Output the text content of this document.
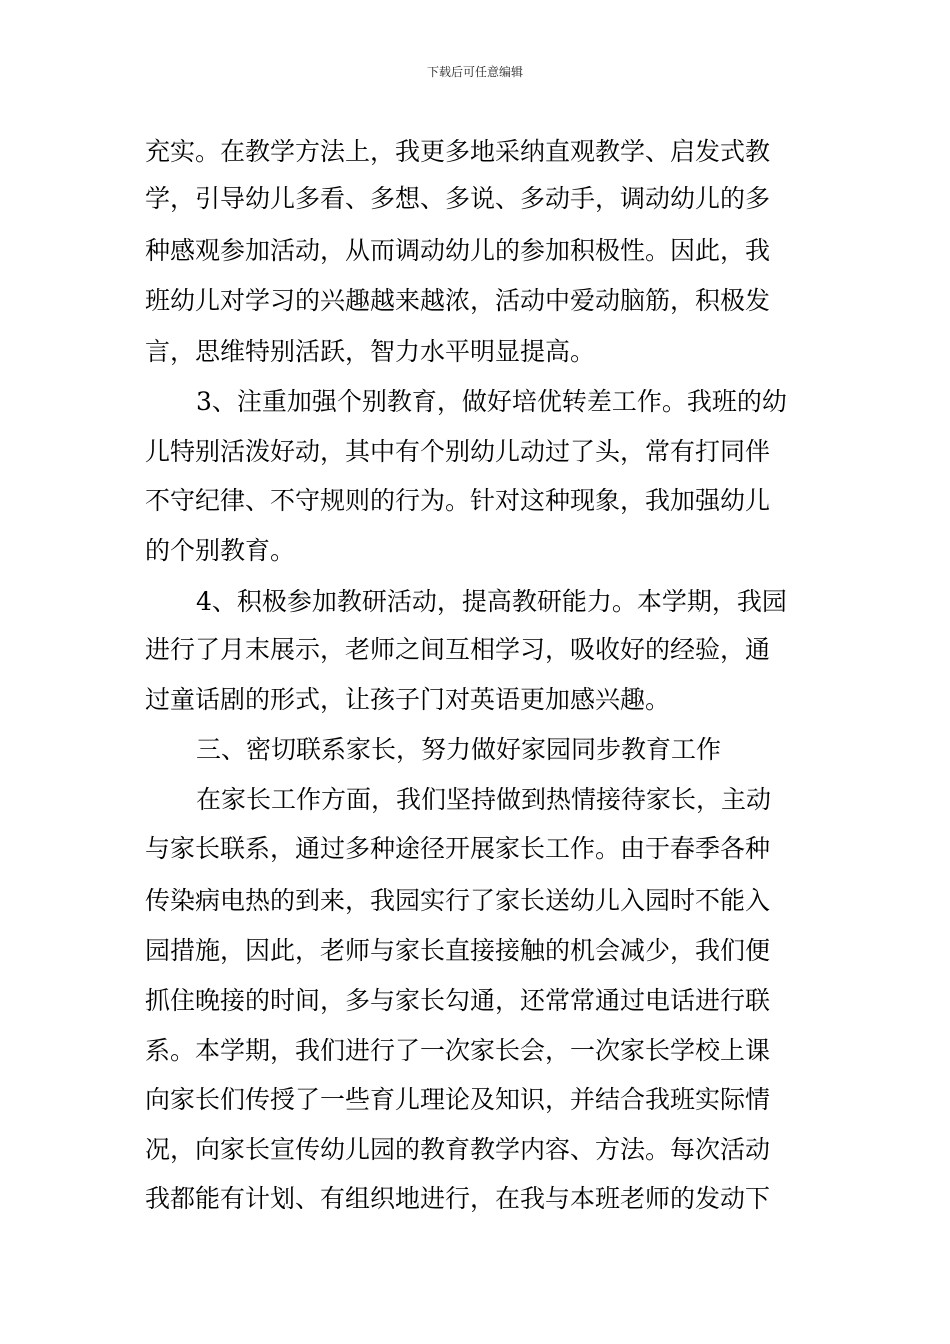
下载后可任意编辑
充实。在教学方法上，我更多地采纳直观教学、启发式教
学，引导幼儿多看、多想、多说、多动手，调动幼儿的多
种感观参加活动，从而调动幼儿的参加积极性。因此，我
班幼儿对学习的兴趣越来越浓，活动中爱动脑筋，积极发
言，思维特别活跃，智力水平明显提高。
3、注重加强个别教育，做好培优转差工作。我班的幼
儿特别活泼好动，其中有个别幼儿动过了头，常有打同伴
不守纪律、不守规则的行为。针对这种现象，我加强幼儿
的个别教育。
4、积极参加教研活动，提高教研能力。本学期，我园
进行了月末展示，老师之间互相学习，吸收好的经验，通
过童话剧的形式，让孩子门对英语更加感兴趣。
三、密切联系家长，努力做好家园同步教育工作
在家长工作方面，我们坚持做到热情接待家长，主动
与家长联系，通过多种途径开展家长工作。由于春季各种
传染病电热的到来，我园实行了家长送幼儿入园时不能入
园措施，因此，老师与家长直接接触的机会减少，我们便
抓住晚接的时间，多与家长勾通，还常常通过电话进行联
系。本学期，我们进行了一次家长会，一次家长学校上课
向家长们传授了一些育儿理论及知识，并结合我班实际情
况，向家长宣传幼儿园的教育教学内容、方法。每次活动
我都能有计划、有组织地进行，在我与本班老师的发动下
